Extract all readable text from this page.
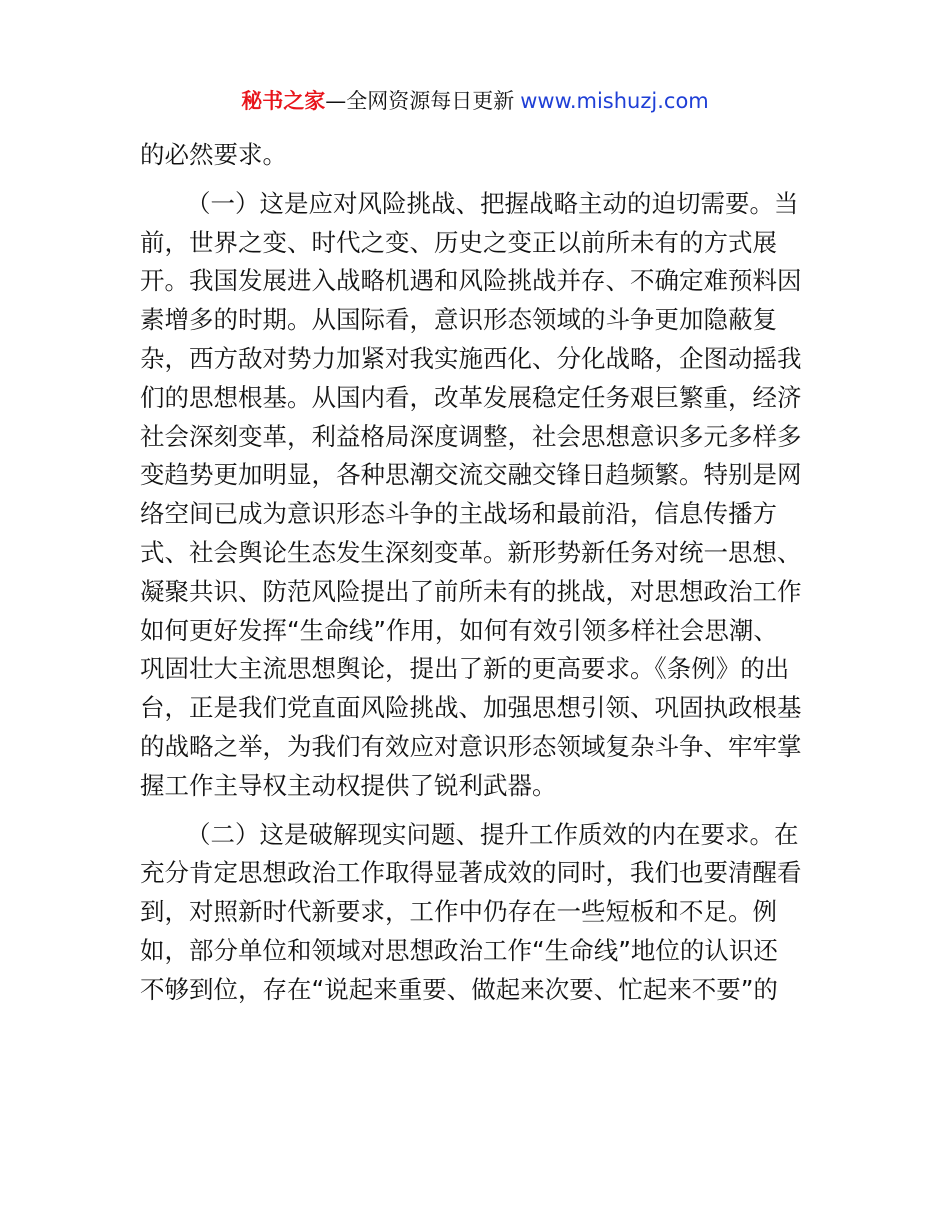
秘书之家—全网资源每日更新 www.mishuzj.com
的必然要求。
（一）这是应对风险挑战、把握战略主动的迫切需要。当
前，世界之变、时代之变、历史之变正以前所未有的方式展
开。我国发展进入战略机遇和风险挑战并存、不确定难预料因
素增多的时期。从国际看，意识形态领域的斗争更加隐蔽复
杂，西方敌对势力加紧对我实施西化、分化战略，企图动摇我
们的思想根基。从国内看，改革发展稳定任务艰巨繁重，经济
社会深刻变革，利益格局深度调整，社会思想意识多元多样多
变趋势更加明显，各种思潮交流交融交锋日趋频繁。特别是网
络空间已成为意识形态斗争的主战场和最前沿，信息传播方
式、社会舆论生态发生深刻变革。新形势新任务对统一思想、
凝聚共识、防范风险提出了前所未有的挑战，对思想政治工作
如何更好发挥“生命线”作用，如何有效引领多样社会思潮、
巩固壮大主流思想舆论，提出了新的更高要求。《条例》的出
台，正是我们党直面风险挑战、加强思想引领、巩固执政根基
的战略之举，为我们有效应对意识形态领域复杂斗争、牢牢掌
握工作主导权主动权提供了锐利武器。
（二）这是破解现实问题、提升工作质效的内在要求。在
充分肯定思想政治工作取得显著成效的同时，我们也要清醒看
到，对照新时代新要求，工作中仍存在一些短板和不足。例
如，部分单位和领域对思想政治工作“生命线”地位的认识还
不够到位，存在“说起来重要、做起来次要、忙起来不要”的
